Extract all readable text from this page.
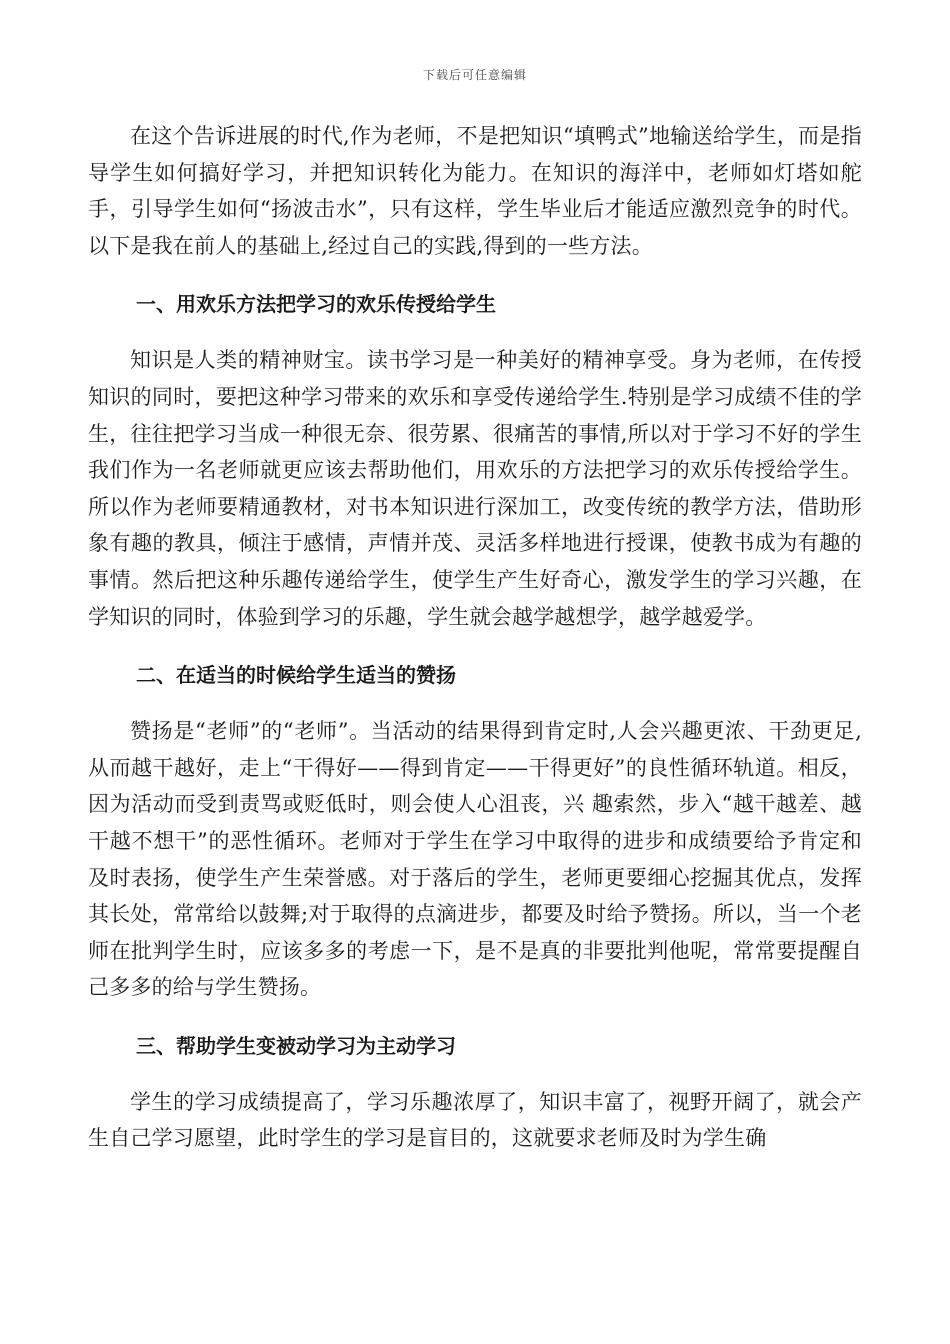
下载后可任意编辑

在这个告诉进展的时代,作为老师，不是把知识“填鸭式”地输送给学生，而是指导学生如何搞好学习，并把知识转化为能力。在知识的海洋中，老师如灯塔如舵手，引导学生如何“扬波击水”，只有这样，学生毕业后才能适应激烈竞争的时代。以下是我在前人的基础上,经过自己的实践,得到的一些方法。

一、用欢乐方法把学习的欢乐传授给学生

知识是人类的精神财宝。读书学习是一种美好的精神享受。身为老师，在传授知识的同时，要把这种学习带来的欢乐和享受传递给学生.特别是学习成绩不佳的学生，往往把学习当成一种很无奈、很劳累、很痛苦的事情,所以对于学习不好的学生我们作为一名老师就更应该去帮助他们，用欢乐的方法把学习的欢乐传授给学生。所以作为老师要精通教材，对书本知识进行深加工，改变传统的教学方法，借助形象有趣的教具，倾注于感情，声情并茂、灵活多样地进行授课，使教书成为有趣的事情。然后把这种乐趣传递给学生，使学生产生好奇心，激发学生的学习兴趣，在学知识的同时，体验到学习的乐趣，学生就会越学越想学，越学越爱学。

二、在适当的时候给学生适当的赞扬

赞扬是“老师”的“老师”。当活动的结果得到肯定时,人会兴趣更浓、干劲更足, 从而越干越好，走上“干得好——得到肯定——干得更好”的良性循环轨道。相反，因为活动而受到责骂或贬低时，则会使人心沮丧，兴 趣索然，步入“越干越差、越干越不想干”的恶性循环。老师对于学生在学习中取得的进步和成绩要给予肯定和及时表扬，使学生产生荣誉感。对于落后的学生，老师更要细心挖掘其优点，发挥其长处，常常给以鼓舞;对于取得的点滴进步，都要及时给予赞扬。所以，当一个老师在批判学生时，应该多多的考虑一下，是不是真的非要批判他呢，常常要提醒自己多多的给与学生赞扬。

三、帮助学生变被动学习为主动学习

学生的学习成绩提高了，学习乐趣浓厚了，知识丰富了，视野开阔了，就会产生自己学习愿望，此时学生的学习是盲目的，这就要求老师及时为学生确
